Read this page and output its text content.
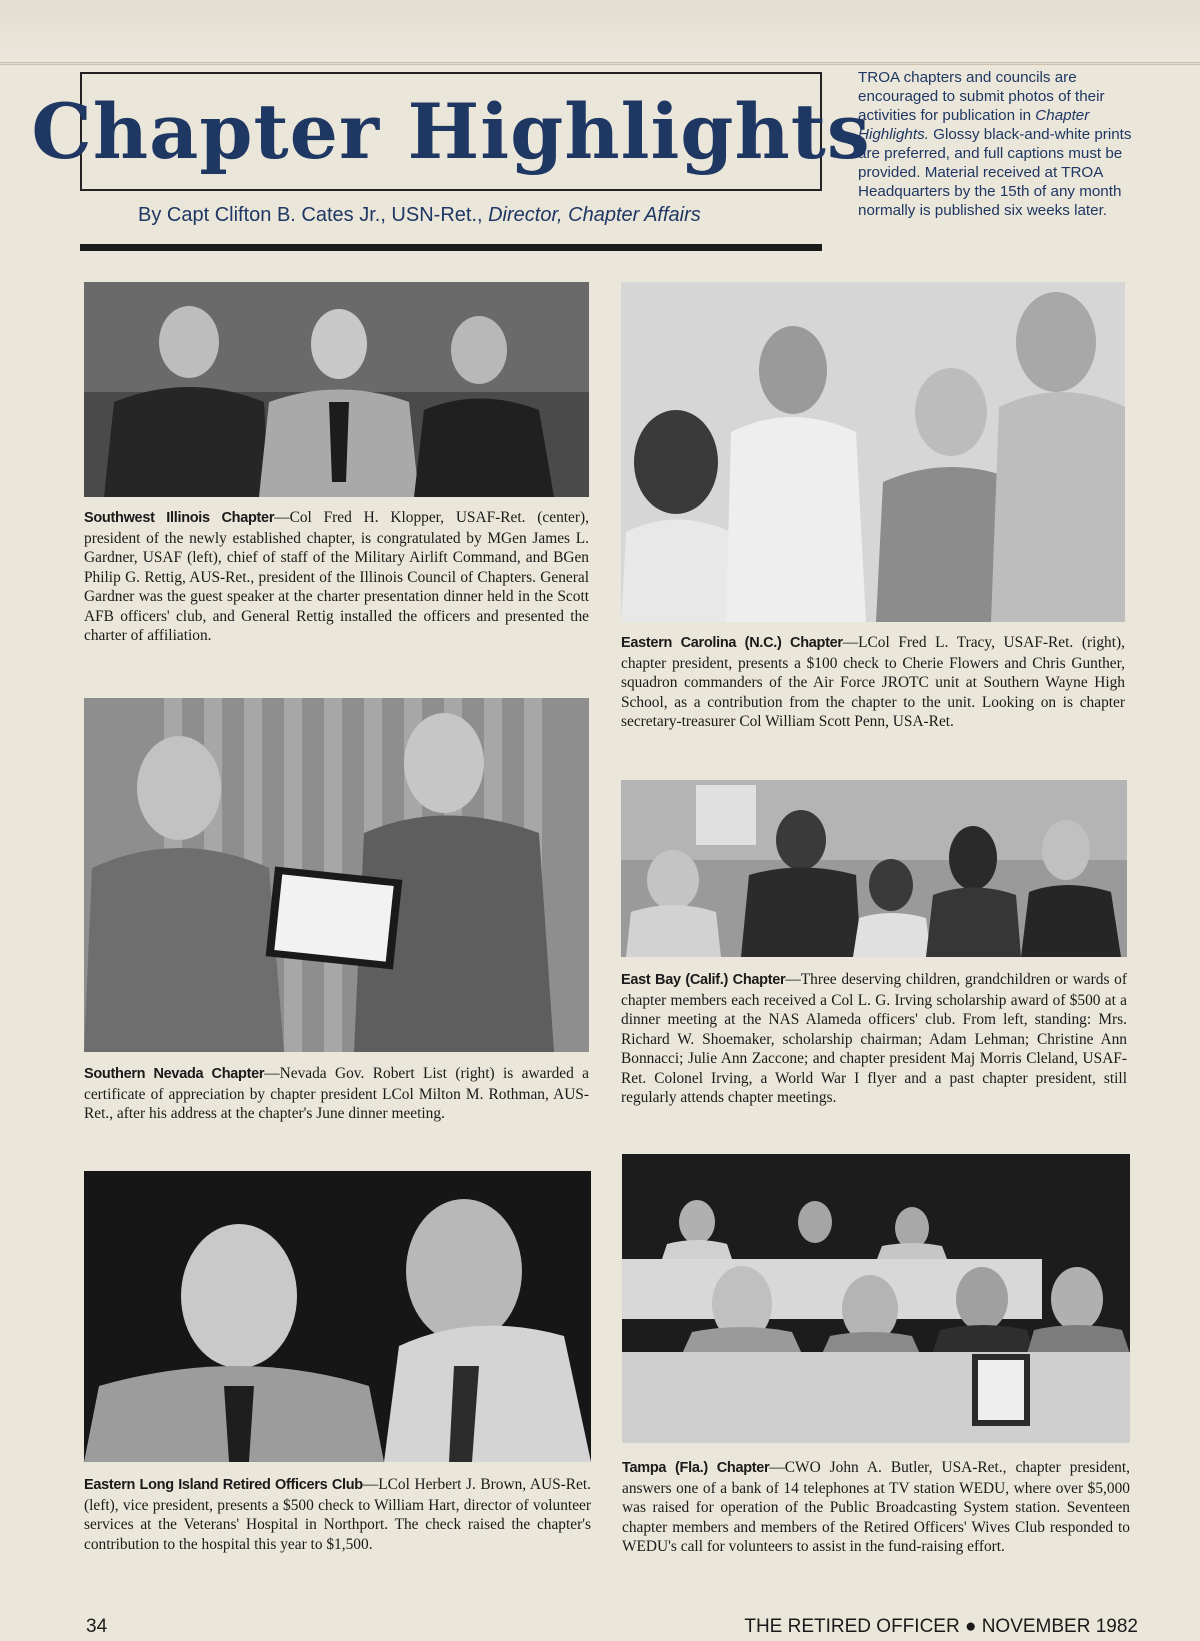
Chapter Highlights
By Capt Clifton B. Cates Jr., USN-Ret., Director, Chapter Affairs
TROA chapters and councils are encouraged to submit photos of their activities for publication in Chapter Highlights. Glossy black-and-white prints are preferred, and full captions must be provided. Material received at TROA Headquarters by the 15th of any month normally is published six weeks later.
Southwest Illinois Chapter—Col Fred H. Klopper, USAF-Ret. (center), president of the newly established chapter, is congratulated by MGen James L. Gardner, USAF (left), chief of staff of the Military Airlift Command, and BGen Philip G. Rettig, AUS-Ret., president of the Illinois Council of Chapters. General Gardner was the guest speaker at the charter presentation dinner held in the Scott AFB officers' club, and General Rettig installed the officers and presented the charter of affiliation.	Eastern Carolina (N.C.) Chapter—LCol Fred L. Tracy, USAF-Ret. (right), chapter president, presents a $100 check to Cherie Flowers and Chris Gunther, squadron commanders of the Air Force JROTC unit at Southern Wayne High School, as a contribution from the chapter to the unit. Looking on is chapter secretary-treasurer Col William Scott Penn, USA-Ret.
Southern Nevada Chapter—Nevada Gov. Robert List (right) is awarded a certificate of appreciation by chapter president LCol Milton M. Rothman, AUS-Ret., after his address at the chapter's June dinner meeting.
East Bay (Calif.) Chapter—Three deserving children, grandchildren or wards of chapter members each received a Col L. G. Irving scholarship award of $500 at a dinner meeting at the NAS Alameda officers' club. From left, standing: Mrs. Richard W. Shoemaker, scholarship chairman; Adam Lehman; Christine Ann Bonnacci; Julie Ann Zaccone; and chapter president Maj Morris Cleland, USAF-Ret. Colonel Irving, a World War I flyer and a past chapter president, still regularly attends chapter meetings.
Eastern Long Island Retired Officers Club—LCol Herbert J. Brown, AUS-Ret. (left), vice president, presents a $500 check to William Hart, director of volunteer services at the Veterans' Hospital in Northport. The check raised the chapter's contribution to the hospital this year to $1,500.
Tampa (Fla.) Chapter—CWO John A. Butler, USA-Ret., chapter president, answers one of a bank of 14 telephones at TV station WEDU, where over $5,000 was raised for operation of the Public Broadcasting System station. Seventeen chapter members and members of the Retired Officers' Wives Club responded to WEDU's call for volunteers to assist in the fund-raising effort.
34	THE RETIRED OFFICER ● NOVEMBER 1982
